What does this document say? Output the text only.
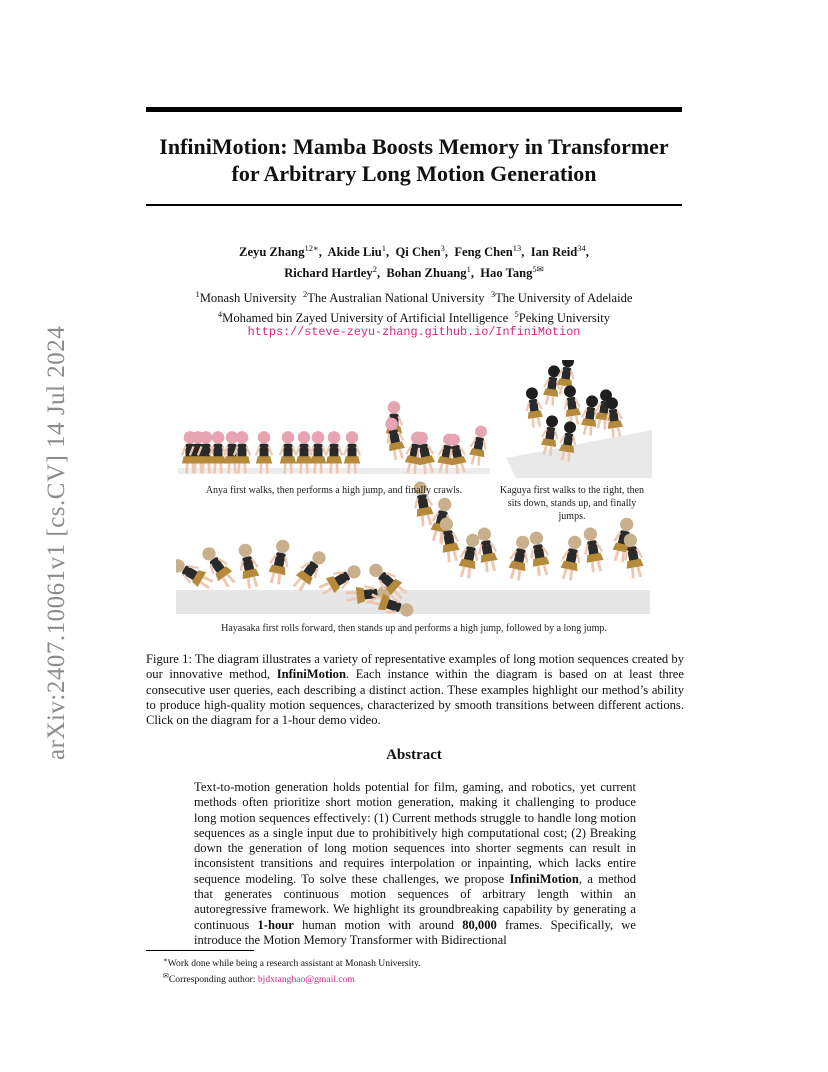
arXiv:2407.10061v1 [cs.CV] 14 Jul 2024
InfiniMotion: Mamba Boosts Memory in Transformer
for Arbitrary Long Motion Generation
Zeyu Zhang$^{12∗}$,  Akide Liu$^1$,  Qi Chen$^3$,  Feng Chen$^{13}$,  Ian Reid$^{34}$,
Richard Hartley$^2$,  Bohan Zhuang$^1$,  Hao Tang$^{5✉}$
$^1$Monash University $^2$The Australian National University $^3$The University of Adelaide
$^4$Mohamed bin Zayed University of Artificial Intelligence $^5$Peking University
https://steve-zeyu-zhang.github.io/InfiniMotion
Anya first walks, then performs a high jump, and finally crawls.	Kaguya first walks to the right, then sits down, stands up, and finally jumps.
Hayasaka first rolls forward, then stands up and performs a high jump, followed by a long jump.
Figure 1: The diagram illustrates a variety of representative examples of long motion sequences created by our innovative method, InfiniMotion. Each instance within the diagram is based on at least three consecutive user queries, each describing a distinct action. These examples highlight our method’s ability to produce high-quality motion sequences, characterized by smooth transitions between different actions. Click on the diagram for a 1-hour demo video.
Abstract
Text-to-motion generation holds potential for film, gaming, and robotics, yet current methods often prioritize short motion generation, making it challenging to produce long motion sequences effectively: (1) Current methods struggle to handle long motion sequences as a single input due to prohibitively high computational cost; (2) Breaking down the generation of long motion sequences into shorter segments can result in inconsistent transitions and requires interpolation or inpainting, which lacks entire sequence modeling. To solve these challenges, we propose InfiniMotion, a method that generates continuous motion sequences of arbitrary length within an autoregressive framework. We highlight its groundbreaking capability by generating a continuous 1-hour human motion with around 80,000 frames. Specifically, we introduce the Motion Memory Transformer with Bidirectional
∗Work done while being a research assistant at Monash University.
✉Corresponding author: bjdxtanghao@gmail.com
